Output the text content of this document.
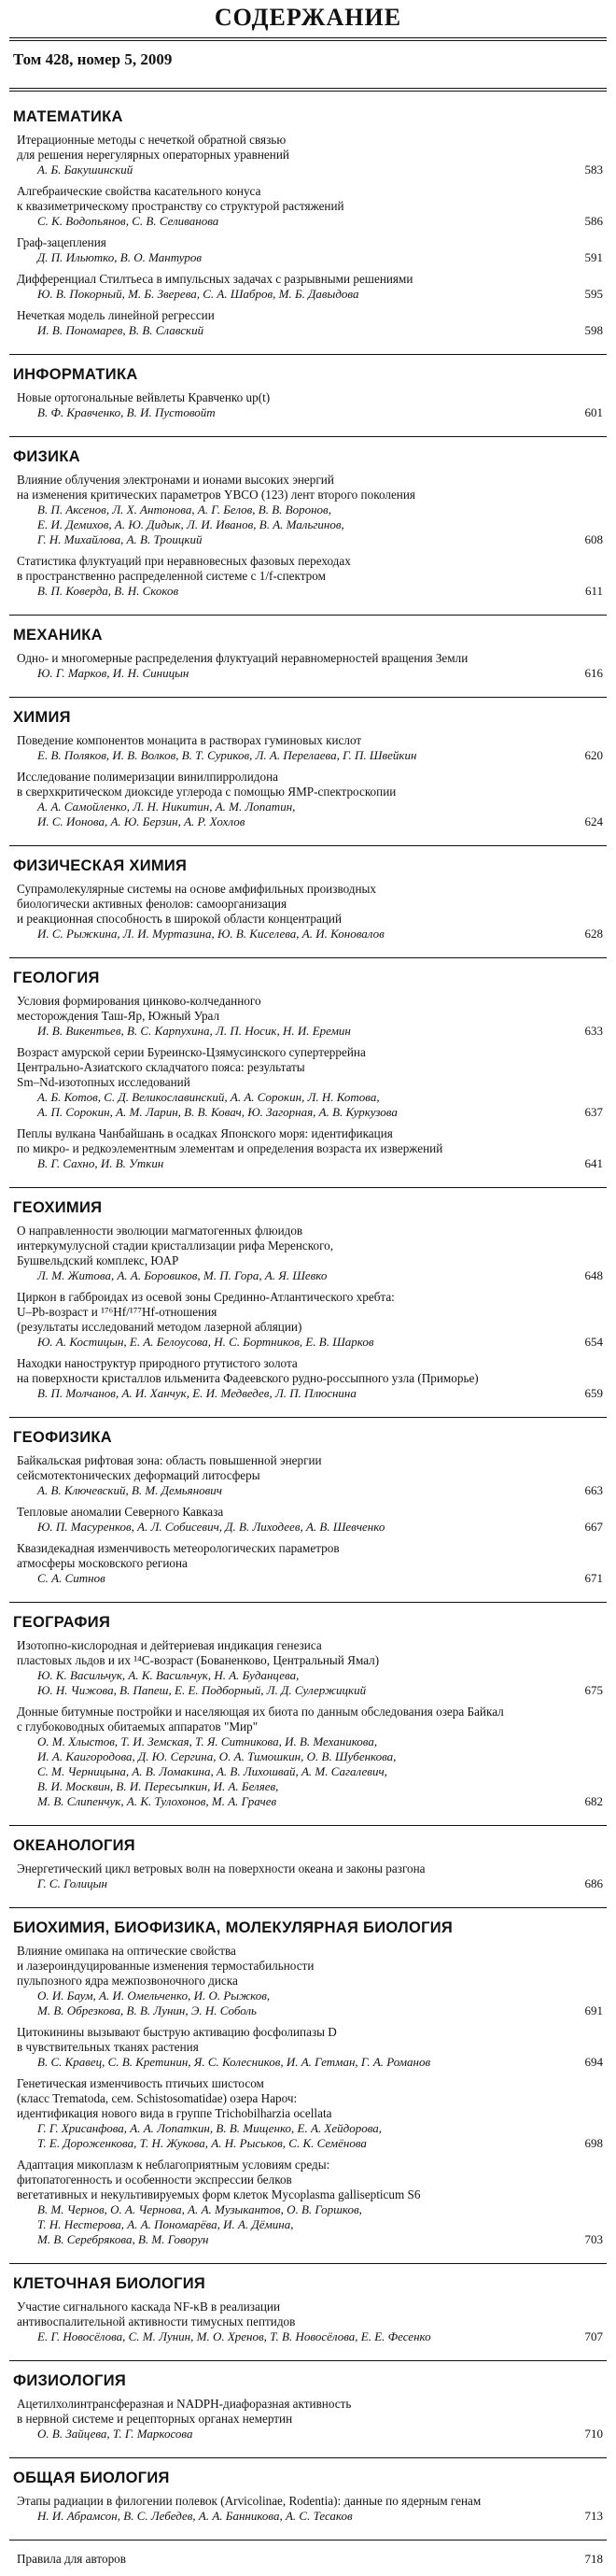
СОДЕРЖАНИЕ
Том 428, номер 5, 2009
МАТЕМАТИКА
Итерационные методы с нечеткой обратной связью
для решения нерегулярных операторных уравнений
А. Б. Бакушинский	583
Алгебраические свойства касательного конуса
к квазиметрическому пространству со структурой растяжений
С. К. Водопьянов, С. В. Селиванова	586
Граф-зацепления
Д. П. Ильютко, В. О. Мантуров	591
Дифференциал Стилтьеса в импульсных задачах с разрывными решениями
Ю. В. Покорный, М. Б. Зверева, С. А. Шабров, М. Б. Давыдова	595
Нечеткая модель линейной регрессии
И. В. Пономарев, В. В. Славский	598
ИНФОРМАТИКА
Новые ортогональные вейвлеты Кравченко up(t)
В. Ф. Кравченко, В. И. Пустовойт	601
ФИЗИКА
Влияние облучения электронами и ионами высоких энергий
на изменения критических параметров YBCO (123) лент второго поколения
В. П. Аксенов, Л. Х. Антонова, А. Г. Белов, В. В. Воронов,
Е. И. Демихов, А. Ю. Дидык, Л. И. Иванов, В. А. Мальгинов,
Г. Н. Михайлова, А. В. Троицкий	608
Статистика флуктуаций при неравновесных фазовых переходах
в пространственно распределенной системе с 1/f-спектром
В. П. Коверда, В. Н. Скоков	611
МЕХАНИКА
Одно- и многомерные распределения флуктуаций неравномерностей вращения Земли
Ю. Г. Марков, И. Н. Синицын	616
ХИМИЯ
Поведение компонентов монацита в растворах гуминовых кислот
Е. В. Поляков, И. В. Волков, В. Т. Суриков, Л. А. Перелаева, Г. П. Швейкин	620
Исследование полимеризации винилпирролидона
в сверхкритическом диоксиде углерода с помощью ЯМР-спектроскопии
А. А. Самойленко, Л. Н. Никитин, А. М. Лопатин,
И. С. Ионова, А. Ю. Берзин, А. Р. Хохлов	624
ФИЗИЧЕСКАЯ ХИМИЯ
Супрамолекулярные системы на основе амфифильных производных
биологически активных фенолов: самоорганизация
и реакционная способность в широкой области концентраций
И. С. Рыжкина, Л. И. Муртазина, Ю. В. Киселева, А. И. Коновалов	628
ГЕОЛОГИЯ
Условия формирования цинково-колчеданного
месторождения Таш-Яр, Южный Урал
И. В. Викентьев, В. С. Карпухина, Л. П. Носик, Н. И. Еремин	633
Возраст амурской серии Буреинско-Цзямусинского супертеррейна
Центрально-Азиатского складчатого пояса: результаты
Sm–Nd-изотопных исследований
А. Б. Котов, С. Д. Великославинский, А. А. Сорокин, Л. Н. Котова,
А. П. Сорокин, А. М. Ларин, В. В. Ковач, Ю. Загорная, А. В. Куркузова	637
Пеплы вулкана Чанбайшань в осадках Японского моря: идентификация
по микро- и редкоэлементным элементам и определения возраста их извержений
В. Г. Сахно, И. В. Уткин	641
ГЕОХИМИЯ
О направленности эволюции магматогенных флюидов
интеркумулусной стадии кристаллизации рифа Меренского,
Бушвельдский комплекс, ЮАР
Л. М. Житова, А. А. Боровиков, М. П. Гора, А. Я. Шевко	648
Циркон в габброидах из осевой зоны Срединно-Атлантического хребта:
U–Pb-возраст и ¹⁷⁶Hf/¹⁷⁷Hf-отношения
(результаты исследований методом лазерной абляции)
Ю. А. Костицын, Е. А. Белоусова, Н. С. Бортников, Е. В. Шарков	654
Находки наноструктур природного ртутистого золота
на поверхности кристаллов ильменита Фадеевского рудно-россыпного узла (Приморье)
В. П. Молчанов, А. И. Ханчук, Е. И. Медведев, Л. П. Плюснина	659
ГЕОФИЗИКА
Байкальская рифтовая зона: область повышенной энергии
сейсмотектонических деформаций литосферы
А. В. Ключевский, В. М. Демьянович	663
Тепловые аномалии Северного Кавказа
Ю. П. Масуренков, А. Л. Собисевич, Д. В. Лиходеев, А. В. Шевченко	667
Квазидекадная изменчивость метеорологических параметров
атмосферы московского региона
С. А. Ситнов	671
ГЕОГРАФИЯ
Изотопно-кислородная и дейтериевая индикация генезиса
пластовых льдов и их ¹⁴C-возраст (Бованенково, Центральный Ямал)
Ю. К. Васильчук, А. К. Васильчук, Н. А. Буданцева,
Ю. Н. Чижова, В. Папеш, Е. Е. Подборный, Л. Д. Сулержицкий	675
Донные битумные постройки и населяющая их биота по данным обследования озера Байкал
с глубоководных обитаемых аппаратов "Мир"
О. М. Хлыстов, Т. И. Земская, Т. Я. Ситникова, И. В. Механикова,
И. А. Каигородова, Д. Ю. Сергина, О. А. Тимошкин, О. В. Шубенкова,
С. М. Черницына, А. В. Ломакина, А. В. Лихошвай, А. М. Сагалевич,
В. И. Москвин, В. И. Пересыпкин, И. А. Беляев,
М. В. Слипенчук, А. К. Тулохонов, М. А. Грачев	682
ОКЕАНОЛОГИЯ
Энергетический цикл ветровых волн на поверхности океана и законы разгона
Г. С. Голицын	686
БИОХИМИЯ, БИОФИЗИКА, МОЛЕКУЛЯРНАЯ БИОЛОГИЯ
Влияние омипака на оптические свойства
и лазероиндуцированные изменения термостабильности
пульпозного ядра межпозвоночного диска
О. И. Баум, А. И. Омельченко, И. О. Рыжков,
М. В. Обрезкова, В. В. Лунин, Э. Н. Соболь	691
Цитокинины вызывают быструю активацию фосфолипазы D
в чувствительных тканях растения
В. С. Кравец, С. В. Кретинин, Я. С. Колесников, И. А. Гетман, Г. А. Романов	694
Генетическая изменчивость птичьих шистосом
(класс Trematoda, сем. Schistosomatidae) озера Нароч:
идентификация нового вида в группе Trichobilharzia ocellata
Г. Г. Хрисанфова, А. А. Лопаткин, В. В. Мищенко, Е. А. Хейдорова,
Т. Е. Дороженкова, Т. Н. Жукова, А. Н. Рыськов, С. К. Семёнова	698
Адаптация микоплазм к неблагоприятным условиям среды:
фитопатогенность и особенности экспрессии белков
вегетативных и некультивируемых форм клеток Mycoplasma gallisepticum S6
В. М. Чернов, О. А. Чернова, А. А. Музыкантов, О. В. Горшков,
Т. Н. Нестерова, А. А. Пономарёва, И. А. Дёмина,
М. В. Серебрякова, В. М. Говорун	703
КЛЕТОЧНАЯ БИОЛОГИЯ
Участие сигнального каскада NF-κB в реализации
антивоспалительной активности тимусных пептидов
Е. Г. Новосёлова, С. М. Лунин, М. О. Хренов, Т. В. Новосёлова, Е. Е. Фесенко	707
ФИЗИОЛОГИЯ
Ацетилхолинтрансферазная и NADPH-диафоразная активность
в нервной системе и рецепторных органах немертин
О. В. Зайцева, Т. Г. Маркосова	710
ОБЩАЯ БИОЛОГИЯ
Этапы радиации в филогении полевок (Arvicolinae, Rodentia): данные по ядерным генам
Н. И. Абрамсон, В. С. Лебедев, А. А. Банникова, А. С. Тесаков	713
Правила для авторов	718
